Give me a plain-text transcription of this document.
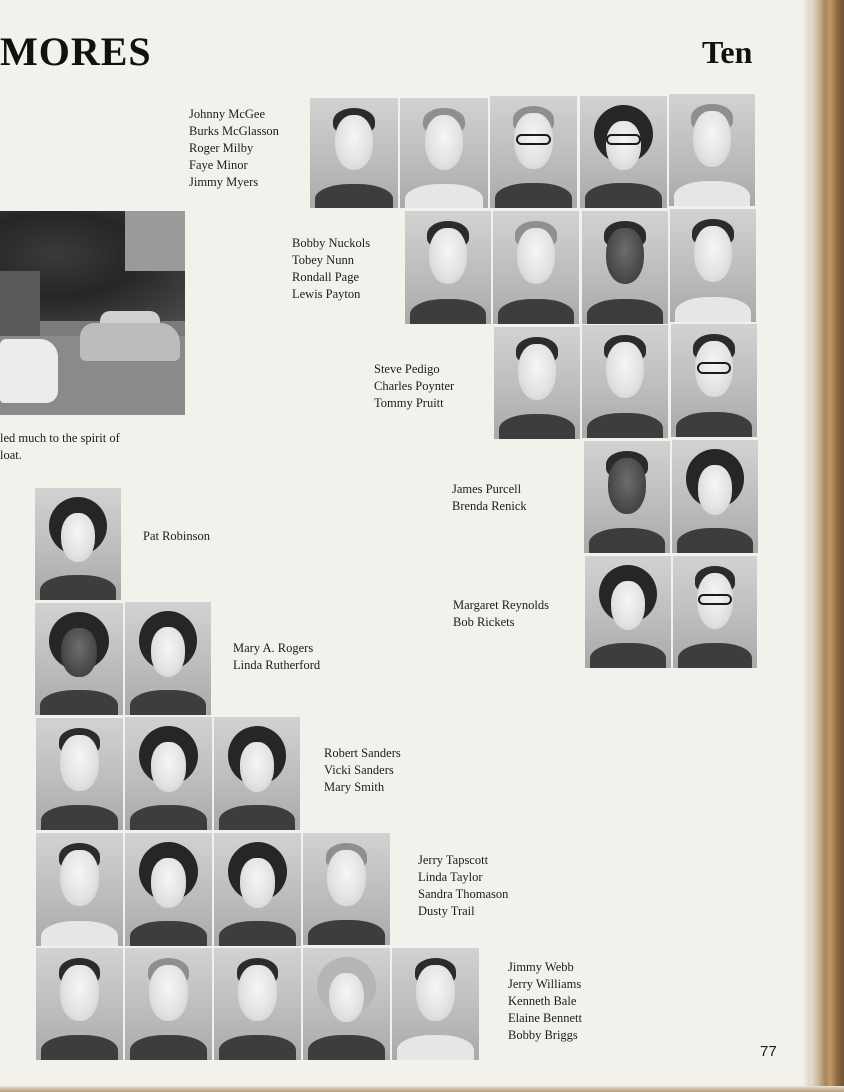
MORES	Ten
led much to the spirit of
loat.
Johnny McGee
Burks McGlasson
Roger Milby
Faye Minor
Jimmy Myers
Bobby Nuckols
Tobey Nunn
Rondall Page
Lewis Payton
Steve Pedigo
Charles Poynter
Tommy Pruitt
James Purcell
Brenda Renick
Margaret Reynolds
Bob Rickets
Pat Robinson
Mary A. Rogers
Linda Rutherford
Robert Sanders
Vicki Sanders
Mary Smith
Jerry Tapscott
Linda Taylor
Sandra Thomason
Dusty Trail
Jimmy Webb
Jerry Williams
Kenneth Bale
Elaine Bennett
Bobby Briggs
77
